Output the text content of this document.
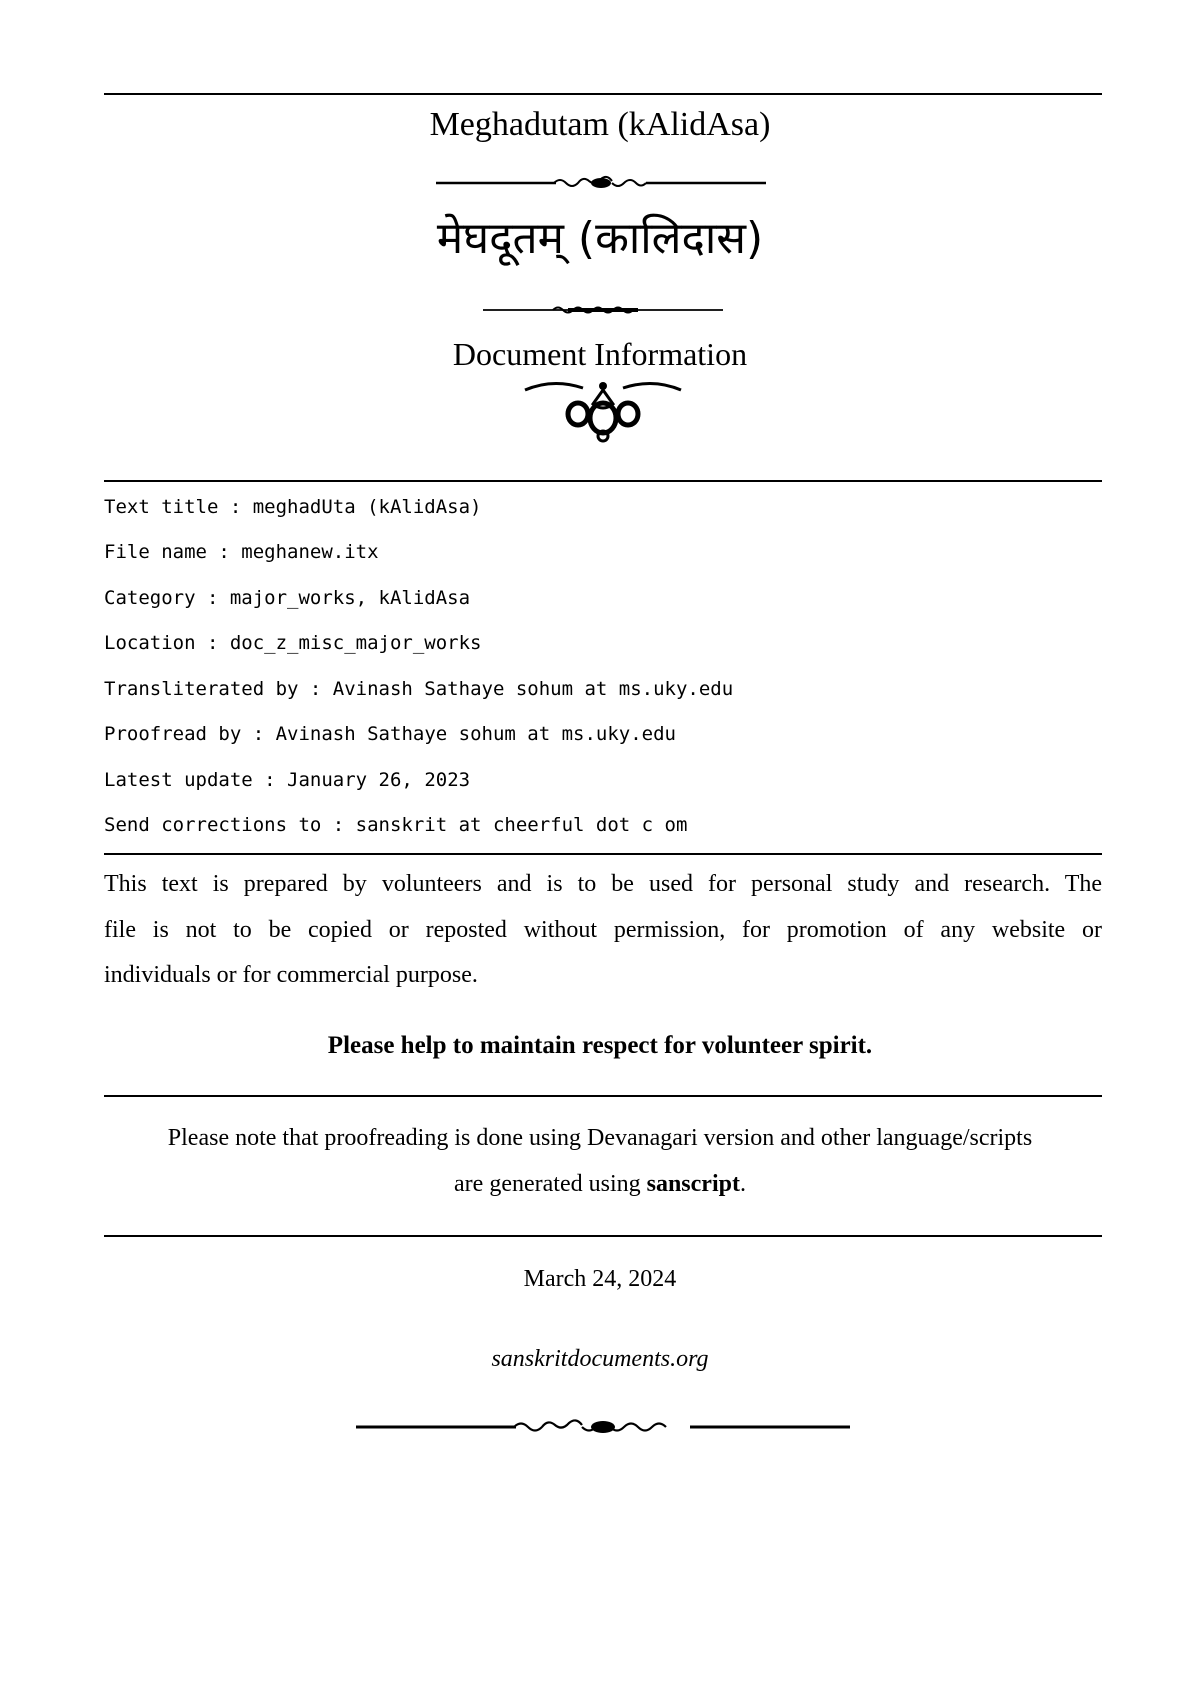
Meghadutam (kAlidAsa)
मेघदूतम् (कालिदास)
Document Information
Text title : meghadUta (kAlidAsa)
File name : meghanew.itx
Category : major_works, kAlidAsa
Location : doc_z_misc_major_works
Transliterated by : Avinash Sathaye sohum at ms.uky.edu
Proofread by : Avinash Sathaye sohum at ms.uky.edu
Latest update : January 26, 2023
Send corrections to : sanskrit at cheerful dot c om
This text is prepared by volunteers and is to be used for personal study and research. The
file is not to be copied or reposted without permission, for promotion of any website or
individuals or for commercial purpose.
Please help to maintain respect for volunteer spirit.
Please note that proofreading is done using Devanagari version and other language/scripts
are generated using sanscript.
March 24, 2024
sanskritdocuments.org
